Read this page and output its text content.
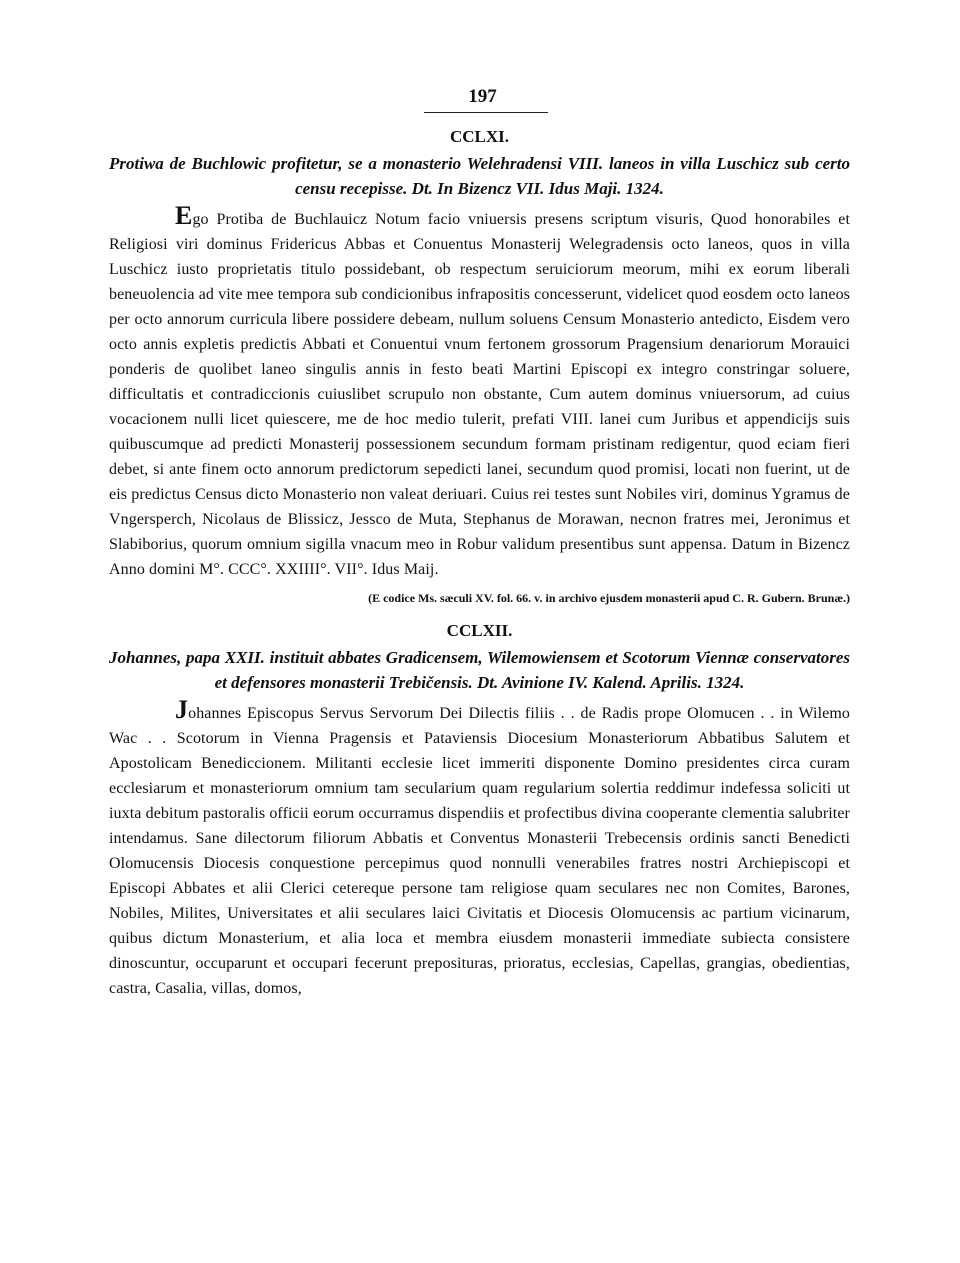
197
CCLXI.
Protiwa de Buchlowic profitetur, se a monasterio Welehradensi VIII. laneos in villa Luschicz sub certo censu recepisse. Dt. In Bizencz VII. Idus Maji. 1324.

Ego Protiba de Buchlauicz Notum facio vniuersis presens scriptum visuris, Quod honorabiles et Religiosi viri dominus Fridericus Abbas et Conuentus Monasterij Welegradensis octo laneos, quos in villa Luschicz iusto proprietatis titulo possidebant, ob respectum seruiciorum meorum, mihi ex eorum liberali beneuolencia ad vite mee tempora sub condicionibus infrapositis concesserunt, videlicet quod eosdem octo laneos per octo annorum curricula libere possidere debeam, nullum soluens Censum Monasterio antedicto, Eisdem vero octo annis expletis predictis Abbati et Conuentui vnum fertonem grossorum Pragensium denariorum Morauici ponderis de quolibet laneo singulis annis in festo beati Martini Episcopi ex integro constringar soluere, difficultatis et contradiccionis cuiuslibet scrupulo non obstante, Cum autem dominus vniuersorum, ad cuius vocacionem nulli licet quiescere, me de hoc medio tulerit, prefati VIII. lanei cum Juribus et appendicijs suis quibuscumque ad predicti Monasterij possessionem secundum formam pristinam redigentur, quod eciam fieri debet, si ante finem octo annorum predictorum sepedicti lanei, secundum quod promisi, locati non fuerint, ut de eis predictus Census dicto Monasterio non valeat deriuari. Cuius rei testes sunt Nobiles viri, dominus Ygramus de Vngersperch, Nicolaus de Blissicz, Jessco de Muta, Stephanus de Morawan, necnon fratres mei, Jeronimus et Slabiborius, quorum omnium sigilla vnacum meo in Robur validum presentibus sunt appensa. Datum in Bizencz Anno domini M°. CCC°. XXIIII°. VII°. Idus Maij.

(E codice Ms. sæculi XV. fol. 66. v. in archivo ejusdem monasterii apud C. R. Gubern. Brunæ.)
CCLXII.
Johannes, papa XXII. instituit abbates Gradicensem, Wilemowiensem et Scotorum Viennæ conservatores et defensores monasterii Trebičensis. Dt. Avinione IV. Kalend. Aprilis. 1324.

Johannes Episcopus Servus Servorum Dei Dilectis filiis . . de Radis prope Olomucen . . in Wilemo Wac . . Scotorum in Vienna Pragensis et Pataviensis Diocesium Monasteriorum Abbatibus Salutem et Apostolicam Benediccionem. Militanti ecclesie licet immeriti disponente Domino presidentes circa curam ecclesiarum et monasteriorum omnium tam secularium quam regularium solertia reddimur indefessa soliciti ut iuxta debitum pastoralis officii eorum occurramus dispendiis et profectibus divina cooperante clementia salubriter intendamus. Sane dilectorum filiorum Abbatis et Conventus Monasterii Trebecensis ordinis sancti Benedicti Olomucensis Diocesis conquestione percepimus quod nonnulli venerabiles fratres nostri Archiepiscopi et Episcopi Abbates et alii Clerici cetereque persone tam religiose quam seculares nec non Comites, Barones, Nobiles, Milites, Universitates et alii seculares laici Civitatis et Diocesis Olomucensis ac partium vicinarum, quibus dictum Monasterium, et alia loca et membra eiusdem monasterii immediate subiecta consistere dinoscuntur, occuparunt et occupari fecerunt preposituras, prioratus, ecclesias, Capellas, grangias, obedientias, castra, Casalia, villas, domos,
